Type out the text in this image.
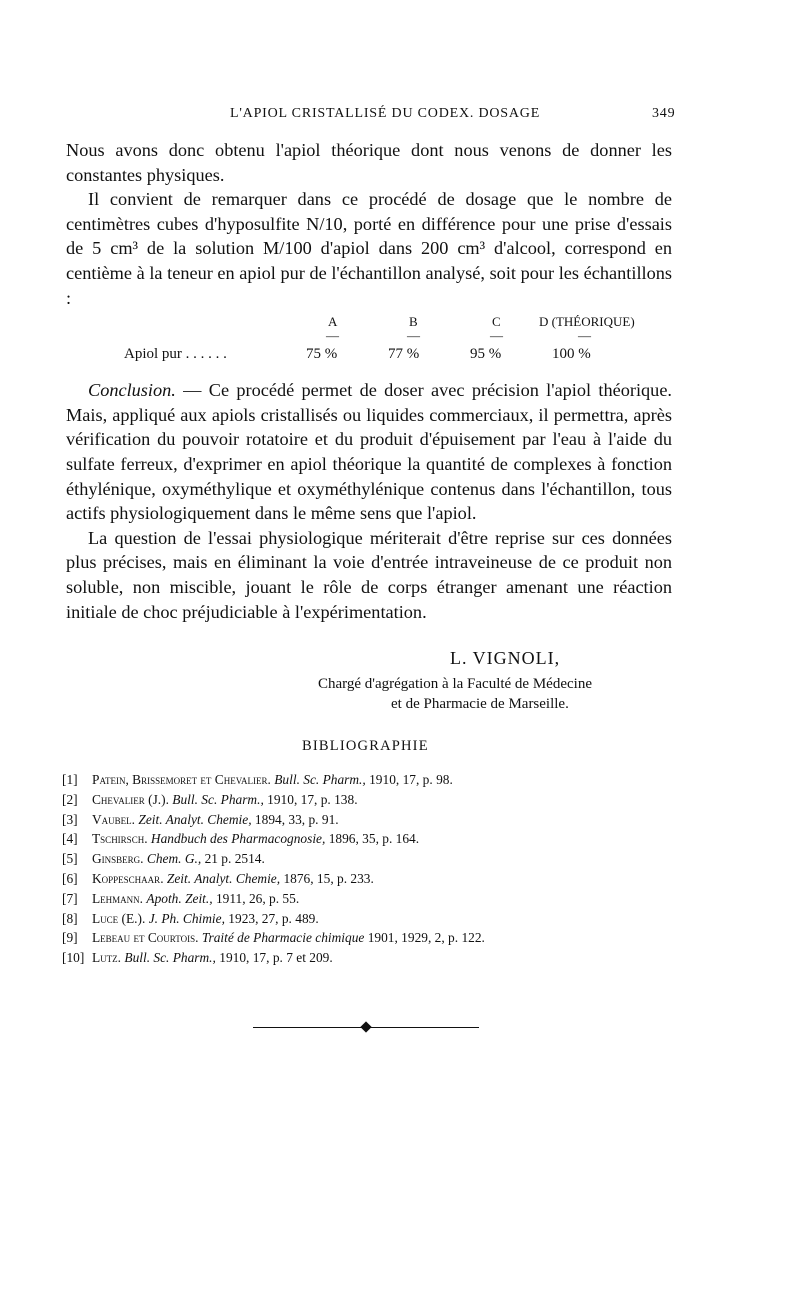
L'APIOL CRISTALLISÉ DU CODEX. DOSAGE	349

Nous avons donc obtenu l'apiol théorique dont nous venons de donner les constantes physiques.

Il convient de remarquer dans ce procédé de dosage que le nombre de centimètres cubes d'hyposulfite N/10, porté en différence pour une prise d'essais de 5 cm³ de la solution M/100 d'apiol dans 200 cm³ d'alcool, correspond en centième à la teneur en apiol pur de l'échantillon analysé, soit pour les échantillons :

A	B	C	D (THÉORIQUE)
—	—	—	—
Apiol pur . . . . . .	75 %	77 %	95 %	100 %

Conclusion. — Ce procédé permet de doser avec précision l'apiol théorique. Mais, appliqué aux apiols cristallisés ou liquides commerciaux, il permettra, après vérification du pouvoir rotatoire et du produit d'épuisement par l'eau à l'aide du sulfate ferreux, d'exprimer en apiol théorique la quantité de complexes à fonction éthylénique, oxyméthylique et oxyméthylénique contenus dans l'échantillon, tous actifs physiologiquement dans le même sens que l'apiol.

La question de l'essai physiologique mériterait d'être reprise sur ces données plus précises, mais en éliminant la voie d'entrée intraveineuse de ce produit non soluble, non miscible, jouant le rôle de corps étranger amenant une réaction initiale de choc préjudiciable à l'expérimentation.

L. VIGNOLI,
Chargé d'agrégation à la Faculté de Médecine
et de Pharmacie de Marseille.
BIBLIOGRAPHIE
[1] Patein, Brissemoret et Chevalier. Bull. Sc. Pharm., 1910, 17, p. 98.
[2] Chevalier (J.). Bull. Sc. Pharm., 1910, 17, p. 138.
[3] Vaubel. Zeit. Analyt. Chemie, 1894, 33, p. 91.
[4] Tschirsch. Handbuch des Pharmacognosie, 1896, 35, p. 164.
[5] Ginsberg. Chem. G., 21 p. 2514.
[6] Koppeschaar. Zeit. Analyt. Chemie, 1876, 15, p. 233.
[7] Lehmann. Apoth. Zeit., 1911, 26, p. 55.
[8] Luce (E.). J. Ph. Chimie, 1923, 27, p. 489.
[9] Lebeau et Courtois. Traité de Pharmacie chimique 1901, 1929, 2, p. 122.
[10] Lutz. Bull. Sc. Pharm., 1910, 17, p. 7 et 209.
